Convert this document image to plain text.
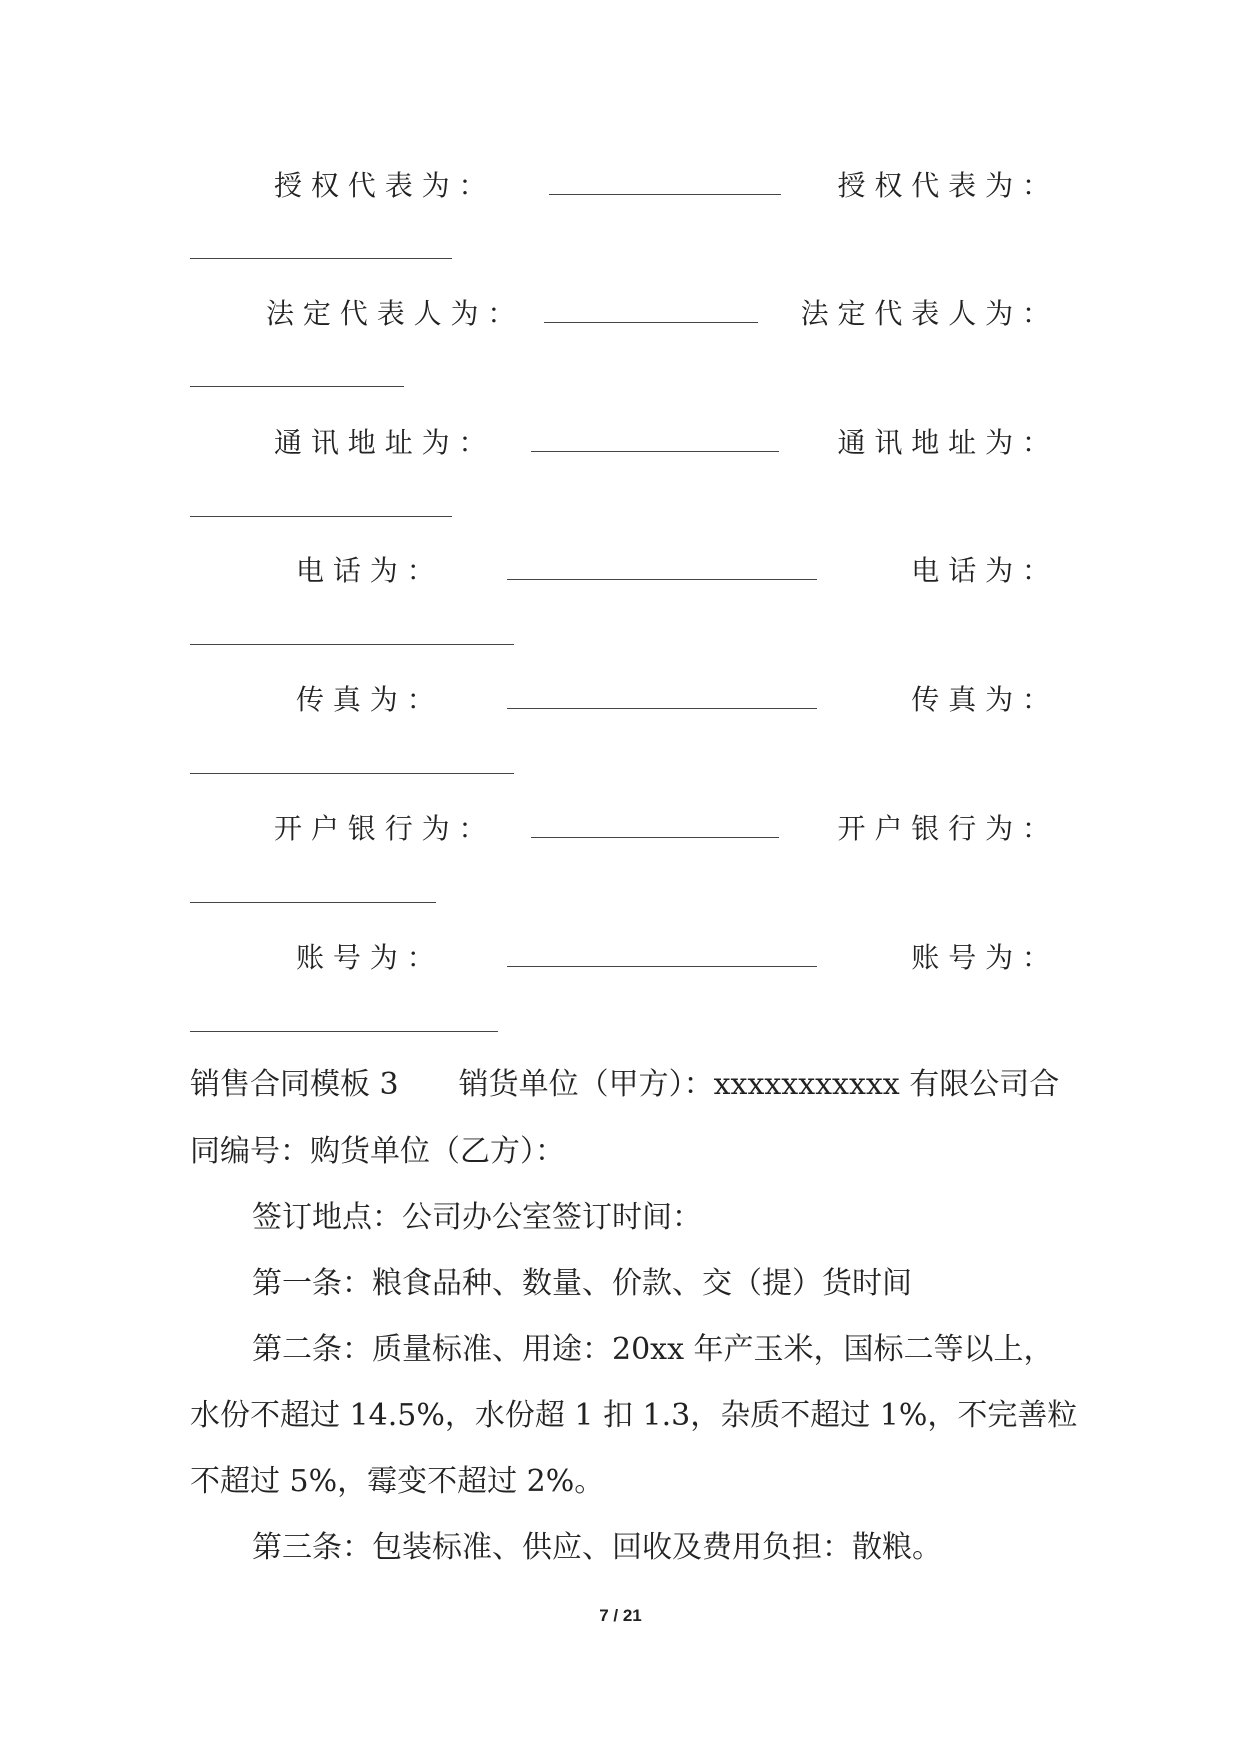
授 权 代 表 为 ：	授 权 代 表 为 ：
法 定 代 表 人 为 ：	法 定 代 表 人 为 ：
通 讯 地 址 为 ：	通 讯 地 址 为 ：
电 话 为 ：	电 话 为 ：
传 真 为 ：	传 真 为 ：
开 户 银 行 为 ：	开 户 银 行 为 ：
账 号 为 ：	账 号 为 ：
销售合同模板 3　　销货单位（甲方）：xxxxxxxxxxx 有限公司合
同编号：购货单位（乙方）：
签订地点：公司办公室签订时间：
第一条：粮食品种、数量、价款、交（提）货时间
第二条：质量标准、用途：20xx 年产玉米，国标二等以上，
水份不超过 14.5%，水份超 1 扣 1.3，杂质不超过 1%，不完善粒
不超过 5%，霉变不超过 2%。
第三条：包装标准、供应、回收及费用负担：散粮。
7 / 21
